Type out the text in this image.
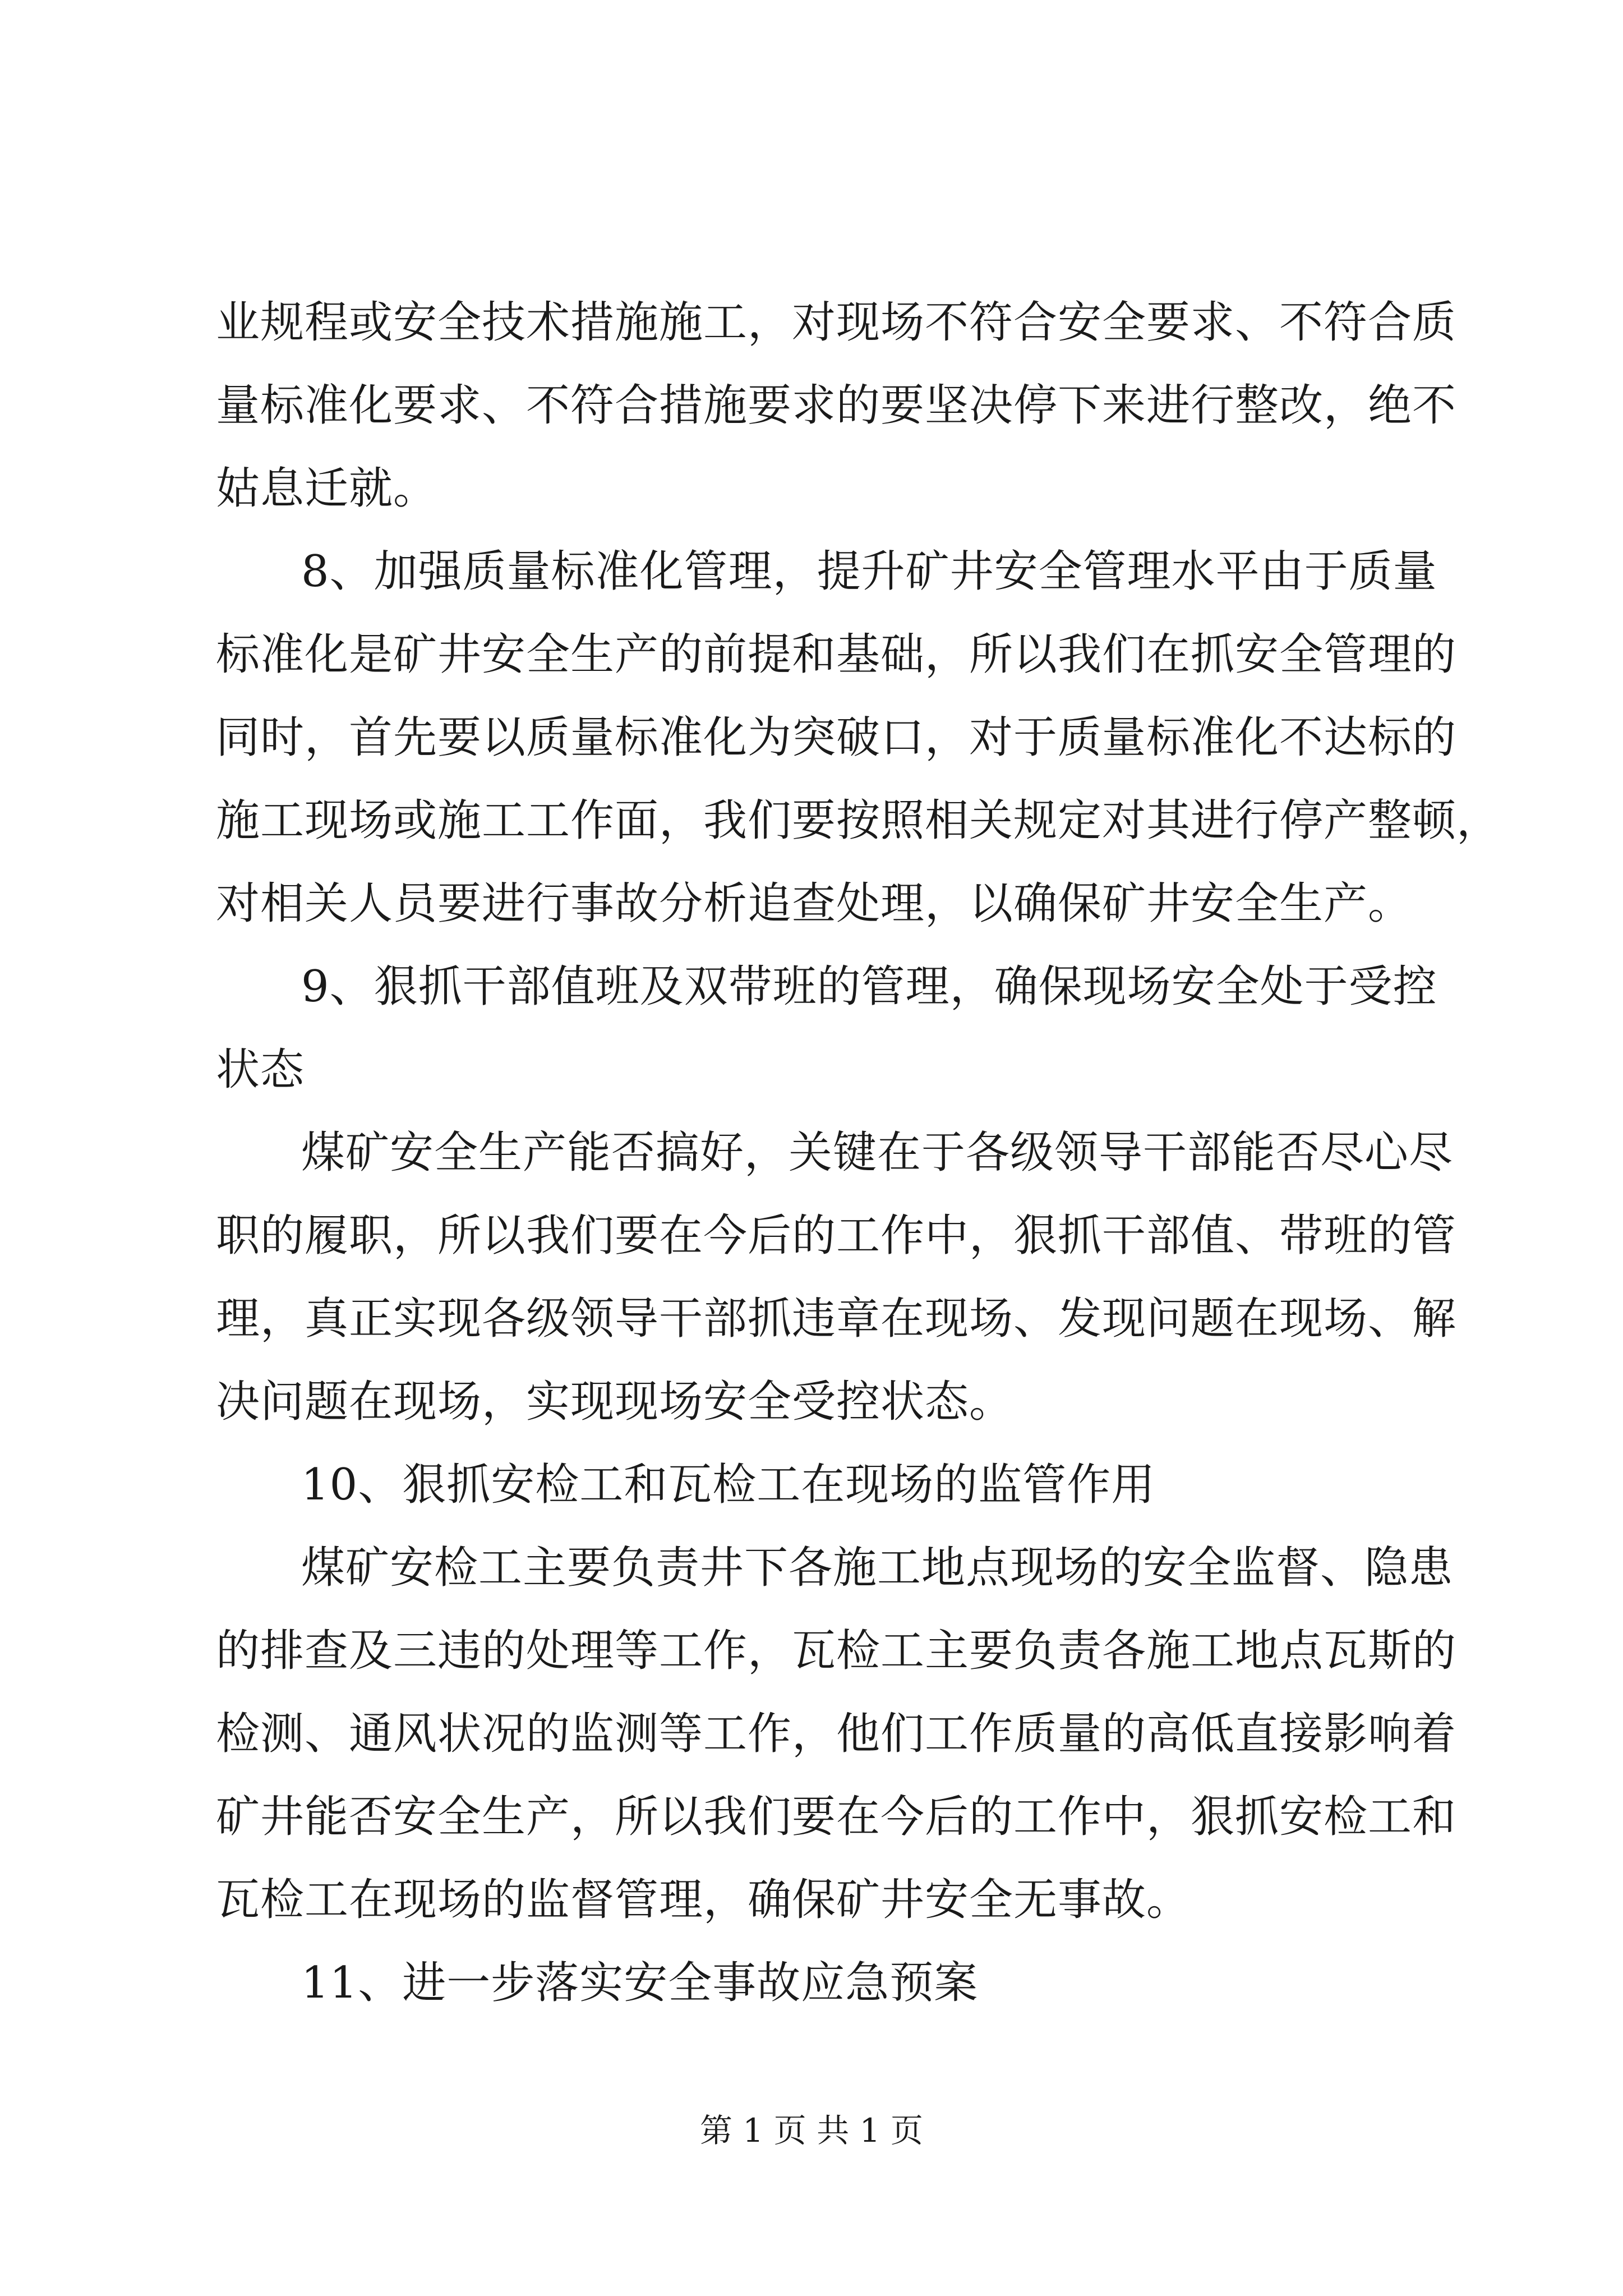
业规程或安全技术措施施工，对现场不符合安全要求、不符合质
量标准化要求、不符合措施要求的要坚决停下来进行整改，绝不
姑息迁就。
8、加强质量标准化管理，提升矿井安全管理水平由于质量
标准化是矿井安全生产的前提和基础，所以我们在抓安全管理的
同时，首先要以质量标准化为突破口，对于质量标准化不达标的
施工现场或施工工作面，我们要按照相关规定对其进行停产整顿，
对相关人员要进行事故分析追查处理，以确保矿井安全生产。
9、狠抓干部值班及双带班的管理，确保现场安全处于受控
状态
煤矿安全生产能否搞好，关键在于各级领导干部能否尽心尽
职的履职，所以我们要在今后的工作中，狠抓干部值、带班的管
理，真正实现各级领导干部抓违章在现场、发现问题在现场、解
决问题在现场，实现现场安全受控状态。
10、狠抓安检工和瓦检工在现场的监管作用
煤矿安检工主要负责井下各施工地点现场的安全监督、隐患
的排查及三违的处理等工作，瓦检工主要负责各施工地点瓦斯的
检测、通风状况的监测等工作，他们工作质量的高低直接影响着
矿井能否安全生产，所以我们要在今后的工作中，狠抓安检工和
瓦检工在现场的监督管理，确保矿井安全无事故。
11、进一步落实安全事故应急预案
第 1 页 共 1 页
